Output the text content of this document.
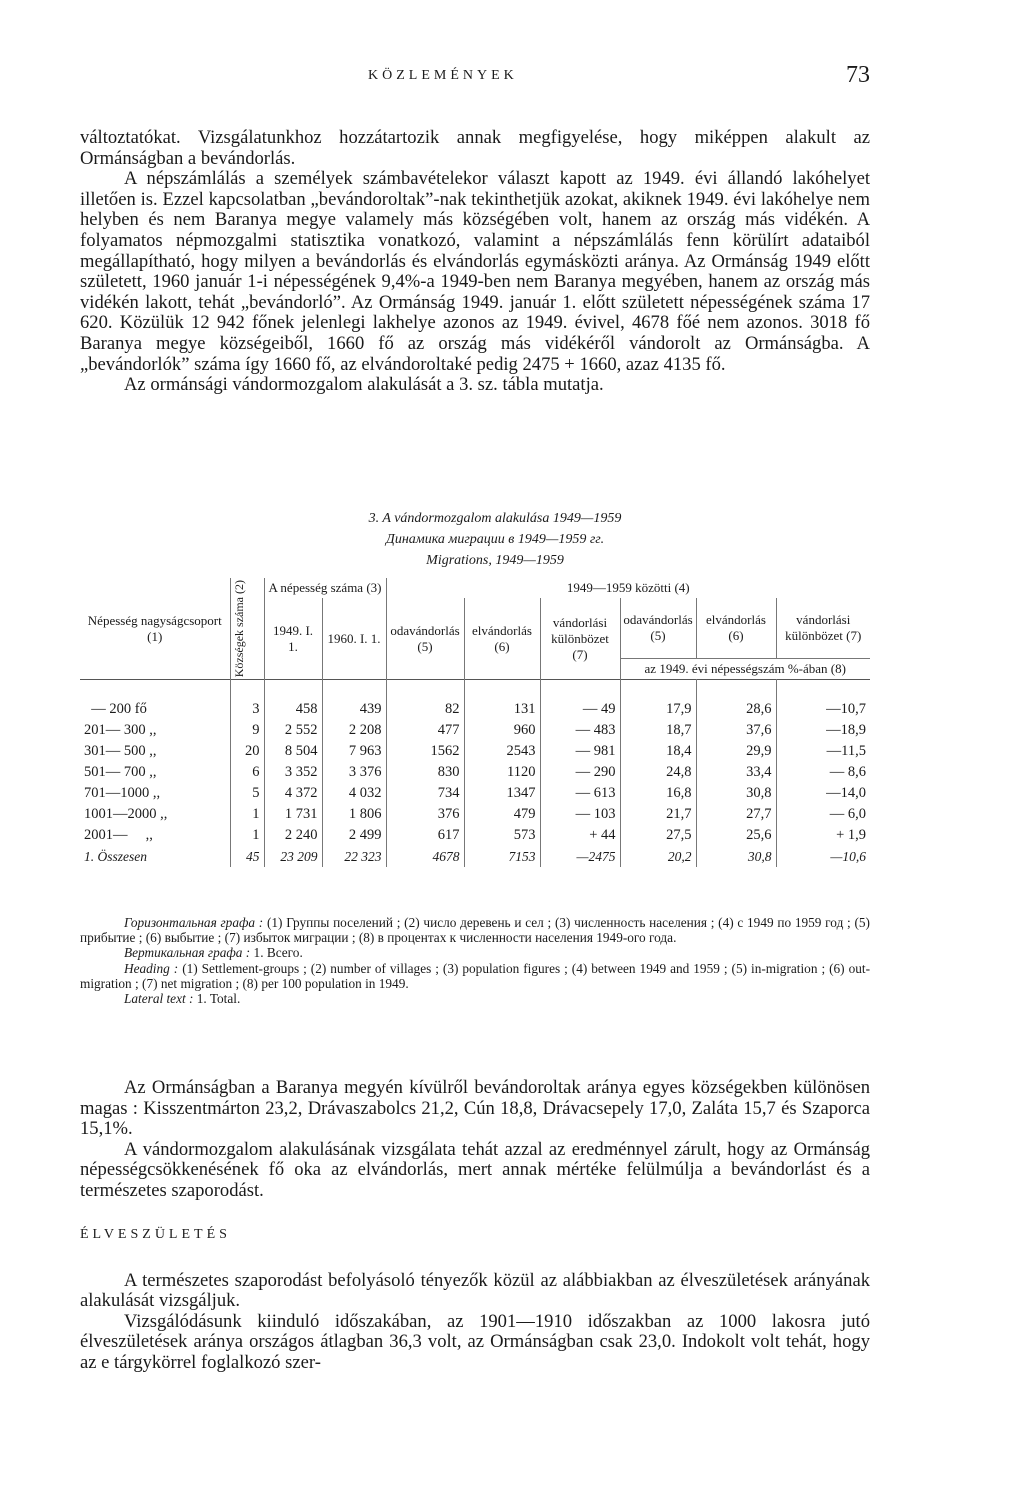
KÖZLEMÉNYEK	73

változtatókat. Vizsgálatunkhoz hozzátartozik annak megfigyelése, hogy miképpen alakult az Ormánságban a bevándorlás.

A népszámlálás a személyek számbavételekor választ kapott az 1949. évi állandó lakóhelyet illetően is. Ezzel kapcsolatban „bevándoroltak”-nak tekinthetjük azokat, akiknek 1949. évi lakóhelye nem helyben és nem Baranya megye valamely más községében volt, hanem az ország más vidékén. A folyamatos népmozgalmi statisztika vonatkozó, valamint a népszámlálás fenn körülírt adataiból megállapítható, hogy milyen a bevándorlás és elvándorlás egymásközti aránya. Az Ormánság 1949 előtt született, 1960 január 1-i népességének 9,4%-a 1949-ben nem Baranya megyében, hanem az ország más vidékén lakott, tehát „bevándorló”. Az Ormánság 1949. január 1. előtt született népességének száma 17 620. Közülük 12 942 főnek jelenlegi lakhelye azonos az 1949. évivel, 4678 főé nem azonos. 3018 fő Baranya megye községeiből, 1660 fő az ország más vidékéről vándorolt az Ormánságba. A „bevándorlók” száma így 1660 fő, az elvándoroltaké pedig 2475 + 1660, azaz 4135 fő.

Az ormánsági vándormozgalom alakulását a 3. sz. tábla mutatja.

3. A vándormozgalom alakulása 1949—1959
Динамика миграции в 1949—1959 гг.
Migrations, 1949—1959
Népesség nagyságcsoport (1)	Községek száma (2)	A népesség száma (3)		1949—1959 közötti (4)					
		1949. I. 1.	1960. I. 1.	odavándorlás (5)	elvándorlás (6)	vándorlási különbözet (7)	odavándorlás (5)	elvándorlás (6)	vándorlási különbözet (7)
							az 1949. évi népességszám %-ában (8)		
— 200 fő	3	458	439	82	131	— 49	17,9	28,6	—10,7
201— 300 ,,	9	2 552	2 208	477	960	— 483	18,7	37,6	—18,9
301— 500 ,,	20	8 504	7 963	1562	2543	— 981	18,4	29,9	—11,5
501— 700 ,,	6	3 352	3 376	830	1120	— 290	24,8	33,4	— 8,6
701—1000 ,,	5	4 372	4 032	734	1347	— 613	16,8	30,8	—14,0
1001—2000 ,,	1	1 731	1 806	376	479	— 103	21,7	27,7	— 6,0
2001—     ,,	1	2 240	2 499	617	573	+ 44	27,5	25,6	+ 1,9
1. Összesen	45	23 209	22 323	4678	7153	—2475	20,2	30,8	—10,6

Горизонтальная графа : (1) Группы поселений ; (2) число деревень и сел ; (3) численность населения ; (4) с 1949 по 1959 год ; (5) прибытие ; (6) выбытие ; (7) избыток миграции ; (8) в процентах к численности населения 1949-ого года.

Вертикальная графа : 1. Всего.

Heading : (1) Settlement-groups ; (2) number of villages ; (3) population figures ; (4) between 1949 and 1959 ; (5) in-migration ; (6) out-migration ; (7) net migration ; (8) per 100 population in 1949.

Lateral text : 1. Total.

Az Ormánságban a Baranya megyén kívülről bevándoroltak aránya egyes községekben különösen magas : Kisszentmárton 23,2, Drávaszabolcs 21,2, Cún 18,8, Drávacsepely 17,0, Zaláta 15,7 és Szaporca 15,1%.

A vándormozgalom alakulásának vizsgálata tehát azzal az eredménnyel zárult, hogy az Ormánság népességcsökkenésének fő oka az elvándorlás, mert annak mértéke felülmúlja a bevándorlást és a természetes szaporodást.

ÉLVESZÜLETÉS

A természetes szaporodást befolyásoló tényezők közül az alábbiakban az élveszületések arányának alakulását vizsgáljuk.

Vizsgálódásunk kiinduló időszakában, az 1901—1910 időszakban az 1000 lakosra jutó élveszületések aránya országos átlagban 36,3 volt, az Ormánságban csak 23,0. Indokolt volt tehát, hogy az e tárgykörrel foglalkozó szer-
